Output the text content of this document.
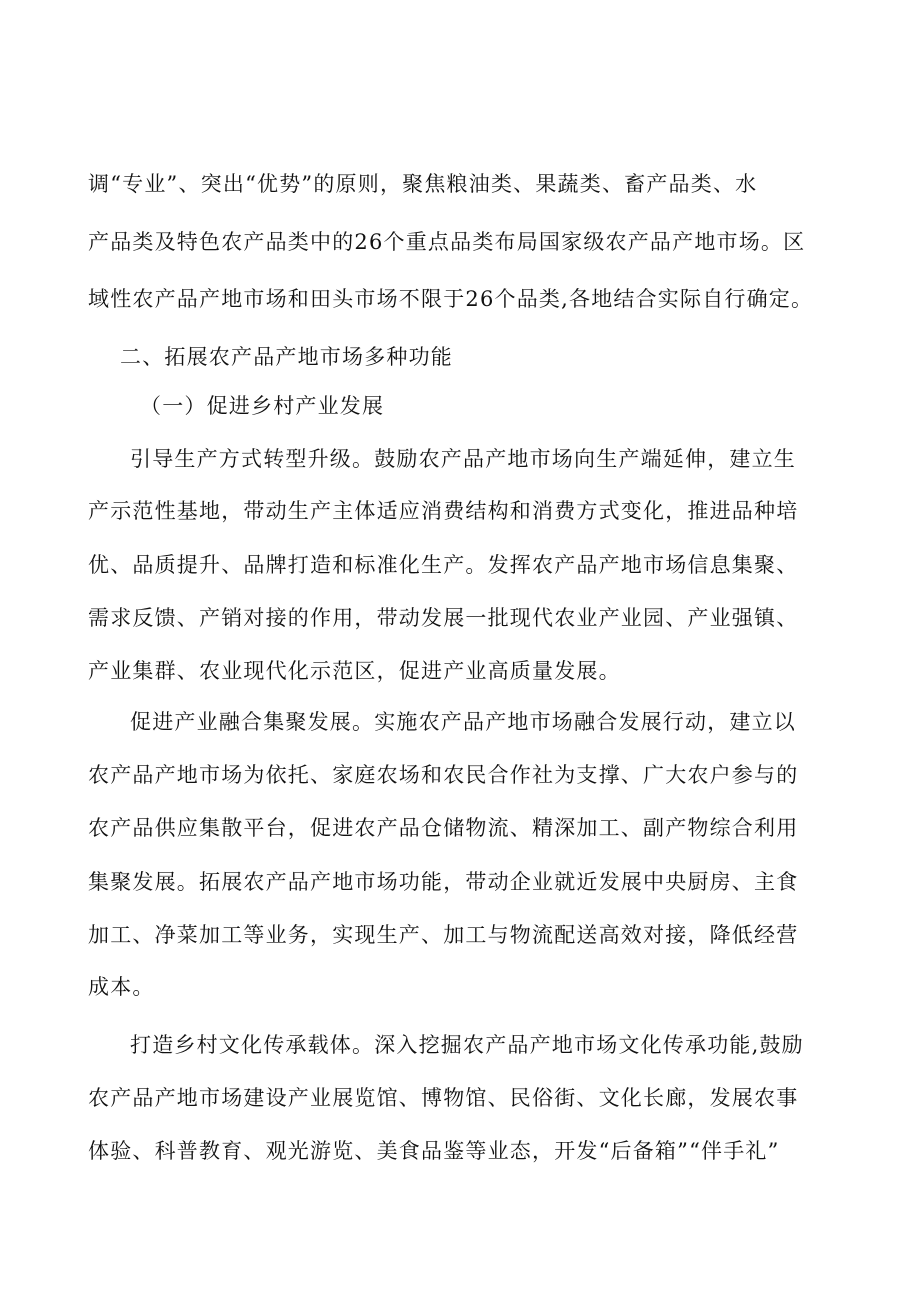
调“专业”、突出“优势”的原则，聚焦粮油类、果蔬类、畜产品类、水

产品类及特色农产品类中的26个重点品类布局国家级农产品产地市场。区

域性农产品产地市场和田头市场不限于26个品类,各地结合实际自行确定。

二、拓展农产品产地市场多种功能

（一）促进乡村产业发展

引导生产方式转型升级。鼓励农产品产地市场向生产端延伸，建立生

产示范性基地，带动生产主体适应消费结构和消费方式变化，推进品种培

优、品质提升、品牌打造和标准化生产。发挥农产品产地市场信息集聚、

需求反馈、产销对接的作用，带动发展一批现代农业产业园、产业强镇、

产业集群、农业现代化示范区，促进产业高质量发展。

促进产业融合集聚发展。实施农产品产地市场融合发展行动，建立以

农产品产地市场为依托、家庭农场和农民合作社为支撑、广大农户参与的

农产品供应集散平台，促进农产品仓储物流、精深加工、副产物综合利用

集聚发展。拓展农产品产地市场功能，带动企业就近发展中央厨房、主食

加工、净菜加工等业务，实现生产、加工与物流配送高效对接，降低经营

成本。

打造乡村文化传承载体。深入挖掘农产品产地市场文化传承功能,鼓励

农产品产地市场建设产业展览馆、博物馆、民俗街、文化长廊，发展农事

体验、科普教育、观光游览、美食品鉴等业态，开发“后备箱”“伴手礼”
